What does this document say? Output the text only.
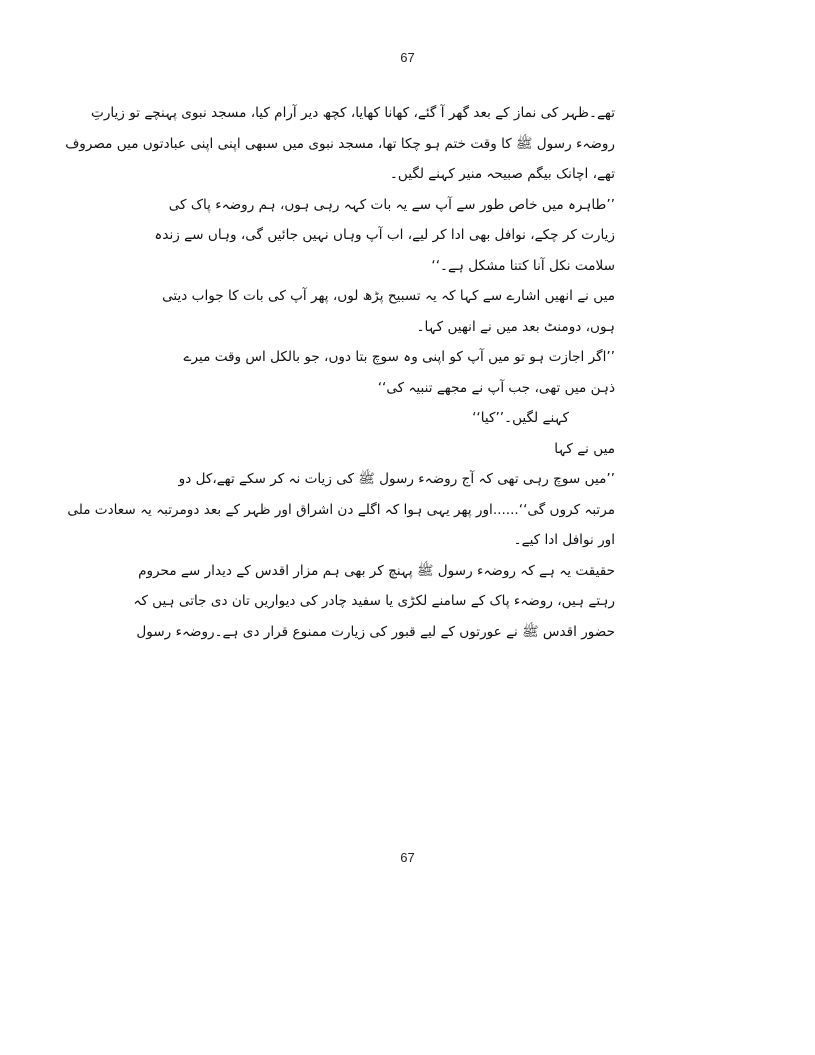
67
تھے۔ظہر کی نماز کے بعد گھر آ گئے، کھانا کھایا، کچھ دیر آرام کیا، مسجد نبوی پہنچے تو زیارتِ
روضہء رسول ﷺ کا وقت ختم ہو چکا تھا، مسجد نبوی میں سبھی اپنی اپنی عبادتوں میں مصروف
تھے، اچانک بیگم صبیحہ منیر کہنے لگیں۔
’’طاہرہ میں خاص طور سے آپ سے یہ بات کہہ رہی ہوں، ہم روضہء پاک کی
زیارت کر چکے، نوافل بھی ادا کر لیے، اب آپ وہاں نہیں جائیں گی، وہاں سے زندہ
سلامت نکل آنا کتنا مشکل ہے۔‘‘
میں نے انھیں اشارے سے کہا کہ یہ تسبیح پڑھ لوں، پھر آپ کی بات کا جواب دیتی
ہوں، دومنٹ بعد میں نے انھیں کہا۔
’’اگر اجازت ہو تو میں آپ کو اپنی وہ سوچ بتا دوں، جو بالکل اس وقت میرے
ذہن میں تھی، جب آپ نے مجھے تنبیہ کی‘‘
کہنے لگیں۔’’کیا‘‘
میں نے کہا
’’میں سوچ رہی تھی کہ آج روضہء رسول ﷺ کی زیات نہ کر سکے تھے،کل دو
مرتبہ کروں گی‘‘......اور پھر یہی ہوا کہ اگلے دن اشراق اور ظہر کے بعد دومرتبہ یہ سعادت ملی
اور نوافل ادا کیے۔
حقیقت یہ ہے کہ روضہء رسول ﷺ پہنچ کر بھی ہم مزار اقدس کے دیدار سے محروم
رہتے ہیں، روضہء پاک کے سامنے لکڑی یا سفید چادر کی دیواریں تان دی جاتی ہیں کہ
حضور اقدس ﷺ نے عورتوں کے لیے قبور کی زیارت ممنوع قرار دی ہے۔روضہء رسول
67
